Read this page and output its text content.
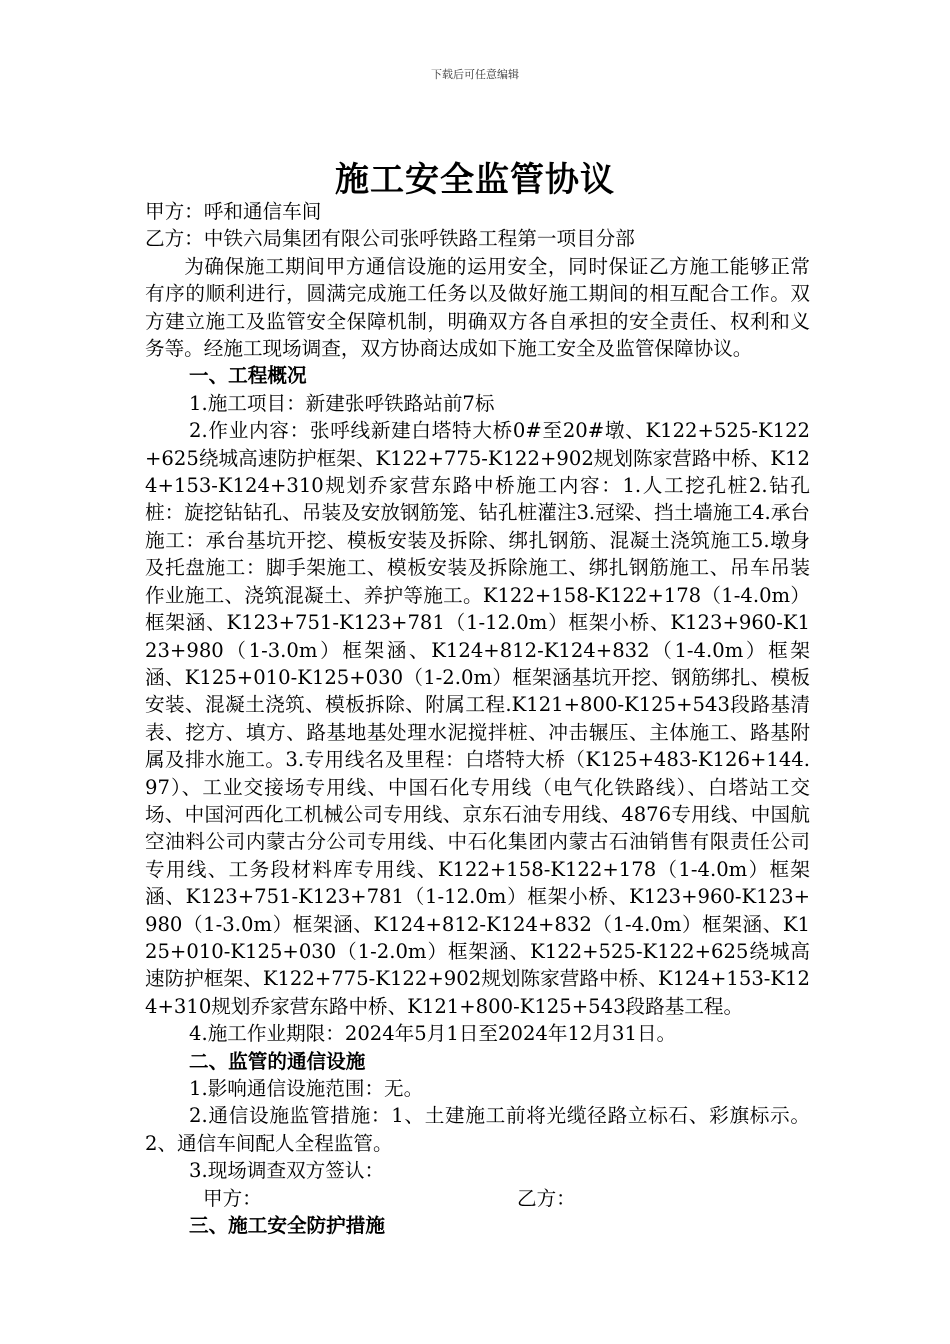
下载后可任意编辑
施工安全监管协议

甲方：呼和通信车间

乙方：中铁六局集团有限公司张呼铁路工程第一项目分部

为确保施工期间甲方通信设施的运用安全，同时保证乙方施工能够正常有序的顺利进行，圆满完成施工任务以及做好施工期间的相互配合工作。双方建立施工及监管安全保障机制，明确双方各自承担的安全责任、权利和义务等。经施工现场调查，双方协商达成如下施工安全及监管保障协议。

一、工程概况

1.施工项目：新建张呼铁路站前7标

2.作业内容：张呼线新建白塔特大桥0#至20#墩、K122+525-K122+625绕城高速防护框架、K122+775-K122+902规划陈家营路中桥、K124+153-K124+310规划乔家营东路中桥施工内容：1.人工挖孔桩2.钻孔桩：旋挖钻钻孔、吊装及安放钢筋笼、钻孔桩灌注3.冠梁、挡土墙施工4.承台施工：承台基坑开挖、模板安装及拆除、绑扎钢筋、混凝土浇筑施工5.墩身及托盘施工：脚手架施工、模板安装及拆除施工、绑扎钢筋施工、吊车吊装作业施工、浇筑混凝土、养护等施工。K122+158-K122+178（1-4.0m）框架涵、K123+751-K123+781（1-12.0m）框架小桥、K123+960-K123+980（1-3.0m）框架涵、K124+812-K124+832（1-4.0m）框架涵、K125+010-K125+030（1-2.0m）框架涵基坑开挖、钢筋绑扎、模板安装、混凝土浇筑、模板拆除、附属工程.K121+800-K125+543段路基清表、挖方、填方、路基地基处理水泥搅拌桩、冲击辗压、主体施工、路基附属及排水施工。3.专用线名及里程：白塔特大桥（K125+483-K126+144.97）、工业交接场专用线、中国石化专用线（电气化铁路线）、白塔站工交场、中国河西化工机械公司专用线、京东石油专用线、4876专用线、中国航空油料公司内蒙古分公司专用线、中石化集团内蒙古石油销售有限责任公司专用线、工务段材料库专用线、K122+158-K122+178（1-4.0m）框架涵、K123+751-K123+781（1-12.0m）框架小桥、K123+960-K123+980（1-3.0m）框架涵、K124+812-K124+832（1-4.0m）框架涵、K125+010-K125+030（1-2.0m）框架涵、K122+525-K122+625绕城高速防护框架、K122+775-K122+902规划陈家营路中桥、K124+153-K124+310规划乔家营东路中桥、K121+800-K125+543段路基工程。

4.施工作业期限：2024年5月1日至2024年12月31日。

二、监管的通信设施

1.影响通信设施范围：无。

2.通信设施监管措施：1、土建施工前将光缆径路立标石、彩旗标示。2、通信车间配人全程监管。

3.现场调查双方签认：

甲方：	乙方：

三、施工安全防护措施
